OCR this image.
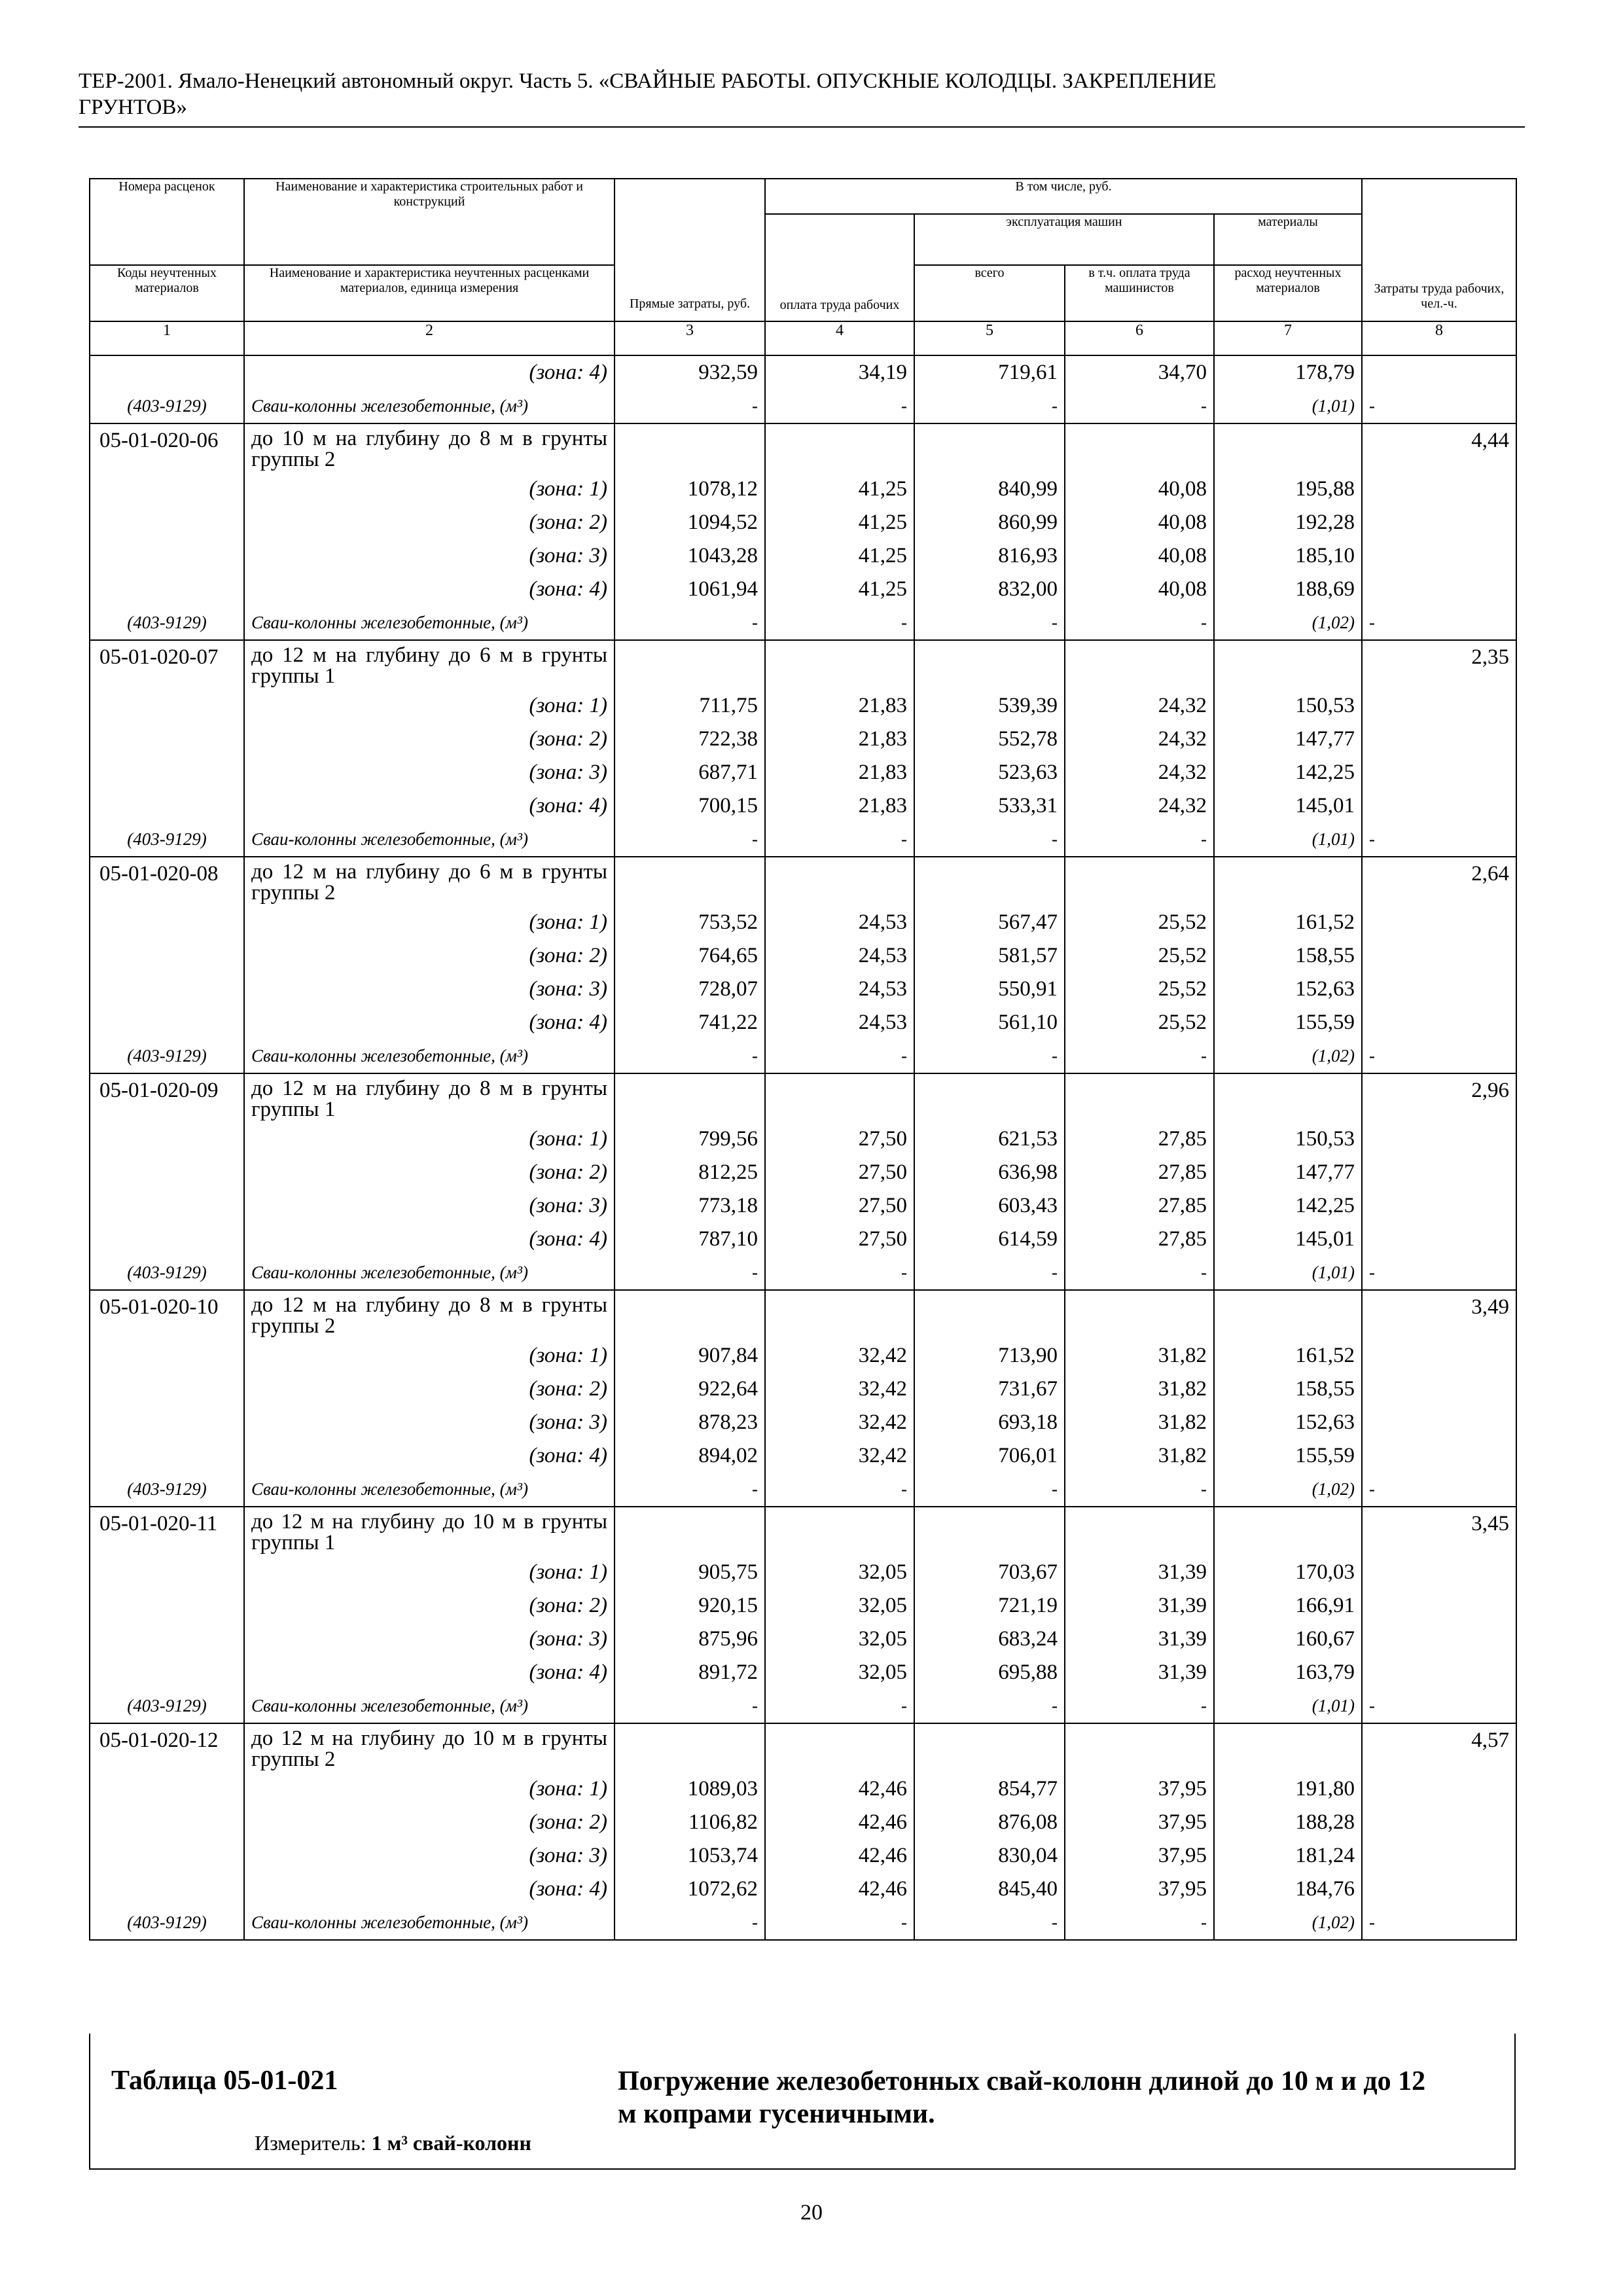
ТЕР-2001. Ямало-Ненецкий автономный округ. Часть 5. «СВАЙНЫЕ РАБОТЫ. ОПУСКНЫЕ КОЛОДЦЫ. ЗАКРЕПЛЕНИЕ
ГРУНТОВ»
Номера расценок	Наименование и характеристика строительных работ и конструкций	Прямые затраты, руб.	В том числе, руб.				Затраты труда рабочих, чел.-ч.
			оплата труда рабочих	эксплуатация машин		материалы	
Коды неучтенных материалов	Наименование и характеристика неучтенных расценками материалов, единица измерения			всего	в т.ч. оплата труда машинистов	расход неучтенных материалов	
1	2	3	4	5	6	7	8
	(зона: 4)	932,59	34,19	719,61	34,70	178,79	
(403-9129)	Сваи-колонны железобетонные, (м³)	-	-	-	-	(1,01)	-
05-01-020-06	до 10 м на глубину до 8 м в грунты группы 2						4,44
	(зона: 1)	1078,12	41,25	840,99	40,08	195,88	
	(зона: 2)	1094,52	41,25	860,99	40,08	192,28	
	(зона: 3)	1043,28	41,25	816,93	40,08	185,10	
	(зона: 4)	1061,94	41,25	832,00	40,08	188,69	
(403-9129)	Сваи-колонны железобетонные, (м³)	-	-	-	-	(1,02)	-
05-01-020-07	до 12 м на глубину до 6 м в грунты группы 1						2,35
	(зона: 1)	711,75	21,83	539,39	24,32	150,53	
	(зона: 2)	722,38	21,83	552,78	24,32	147,77	
	(зона: 3)	687,71	21,83	523,63	24,32	142,25	
	(зона: 4)	700,15	21,83	533,31	24,32	145,01	
(403-9129)	Сваи-колонны железобетонные, (м³)	-	-	-	-	(1,01)	-
05-01-020-08	до 12 м на глубину до 6 м в грунты группы 2						2,64
	(зона: 1)	753,52	24,53	567,47	25,52	161,52	
	(зона: 2)	764,65	24,53	581,57	25,52	158,55	
	(зона: 3)	728,07	24,53	550,91	25,52	152,63	
	(зона: 4)	741,22	24,53	561,10	25,52	155,59	
(403-9129)	Сваи-колонны железобетонные, (м³)	-	-	-	-	(1,02)	-
05-01-020-09	до 12 м на глубину до 8 м в грунты группы 1						2,96
	(зона: 1)	799,56	27,50	621,53	27,85	150,53	
	(зона: 2)	812,25	27,50	636,98	27,85	147,77	
	(зона: 3)	773,18	27,50	603,43	27,85	142,25	
	(зона: 4)	787,10	27,50	614,59	27,85	145,01	
(403-9129)	Сваи-колонны железобетонные, (м³)	-	-	-	-	(1,01)	-
05-01-020-10	до 12 м на глубину до 8 м в грунты группы 2						3,49
	(зона: 1)	907,84	32,42	713,90	31,82	161,52	
	(зона: 2)	922,64	32,42	731,67	31,82	158,55	
	(зона: 3)	878,23	32,42	693,18	31,82	152,63	
	(зона: 4)	894,02	32,42	706,01	31,82	155,59	
(403-9129)	Сваи-колонны железобетонные, (м³)	-	-	-	-	(1,02)	-
05-01-020-11	до 12 м на глубину до 10 м в грунты группы 1						3,45
	(зона: 1)	905,75	32,05	703,67	31,39	170,03	
	(зона: 2)	920,15	32,05	721,19	31,39	166,91	
	(зона: 3)	875,96	32,05	683,24	31,39	160,67	
	(зона: 4)	891,72	32,05	695,88	31,39	163,79	
(403-9129)	Сваи-колонны железобетонные, (м³)	-	-	-	-	(1,01)	-
05-01-020-12	до 12 м на глубину до 10 м в грунты группы 2						4,57
	(зона: 1)	1089,03	42,46	854,77	37,95	191,80	
	(зона: 2)	1106,82	42,46	876,08	37,95	188,28	
	(зона: 3)	1053,74	42,46	830,04	37,95	181,24	
	(зона: 4)	1072,62	42,46	845,40	37,95	184,76	
(403-9129)	Сваи-колонны железобетонные, (м³)	-	-	-	-	(1,02)	-
Таблица 05-01-021	Погружение железобетонных свай-колонн длиной до 10 м и до 12 м копрами гусеничными.
Измеритель: 1 м³ свай-колонн
20
